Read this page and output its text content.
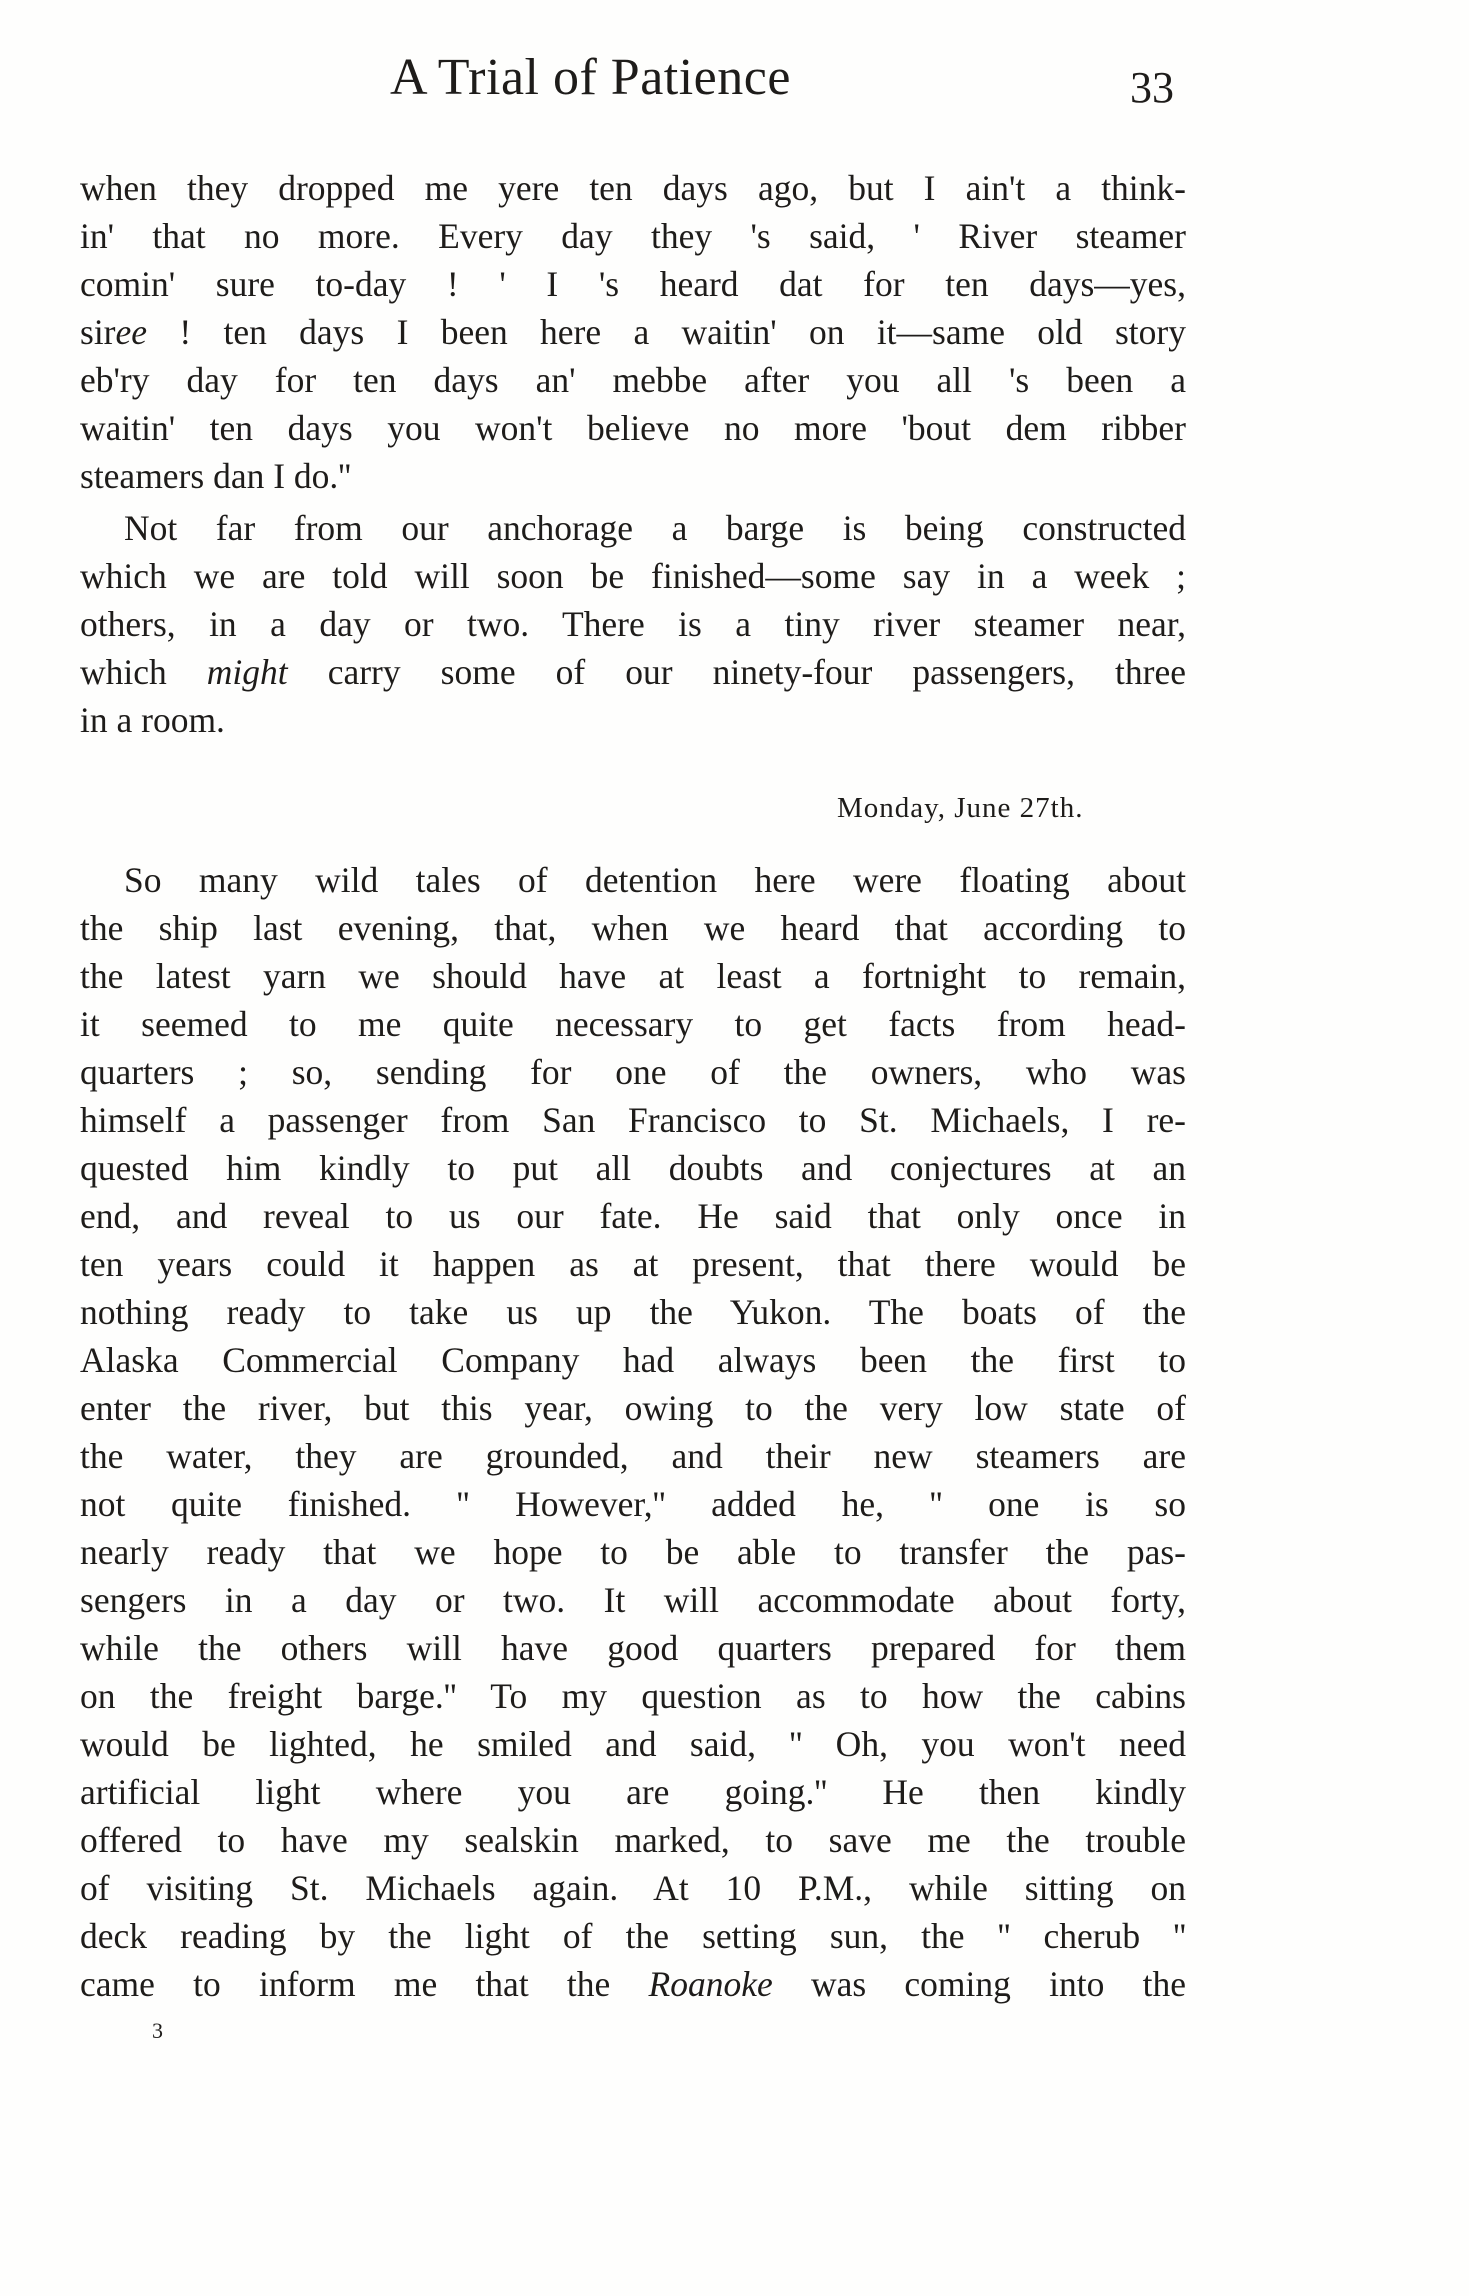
A Trial of Patience	33
when they dropped me yere ten days ago, but I ain't a think-
in' that no more. Every day they 's said, ' River steamer
comin' sure to-day ! ' I 's heard dat for ten days—yes,
siree ! ten days I been here a waitin' on it—same old story
eb'ry day for ten days an' mebbe after you all 's been a
waitin' ten days you won't believe no more 'bout dem ribber
steamers dan I do.''
Not far from our anchorage a barge is being constructed
which we are told will soon be finished—some say in a week ;
others, in a day or two. There is a tiny river steamer near,
which might carry some of our ninety-four passengers, three
in a room.
Monday, June 27th.
So many wild tales of detention here were floating about
the ship last evening, that, when we heard that according to
the latest yarn we should have at least a fortnight to remain,
it seemed to me quite necessary to get facts from head-
quarters ; so, sending for one of the owners, who was
himself a passenger from San Francisco to St. Michaels, I re-
quested him kindly to put all doubts and conjectures at an
end, and reveal to us our fate. He said that only once in
ten years could it happen as at present, that there would be
nothing ready to take us up the Yukon. The boats of the
Alaska Commercial Company had always been the first to
enter the river, but this year, owing to the very low state of
the water, they are grounded, and their new steamers are
not quite finished. '' However,'' added he, '' one is so
nearly ready that we hope to be able to transfer the pas-
sengers in a day or two. It will accommodate about forty,
while the others will have good quarters prepared for them
on the freight barge.'' To my question as to how the cabins
would be lighted, he smiled and said, '' Oh, you won't need
artificial light where you are going.'' He then kindly
offered to have my sealskin marked, to save me the trouble
of visiting St. Michaels again. At 10 P.M., while sitting on
deck reading by the light of the setting sun, the '' cherub ''
came to inform me that the Roanoke was coming into the
3
